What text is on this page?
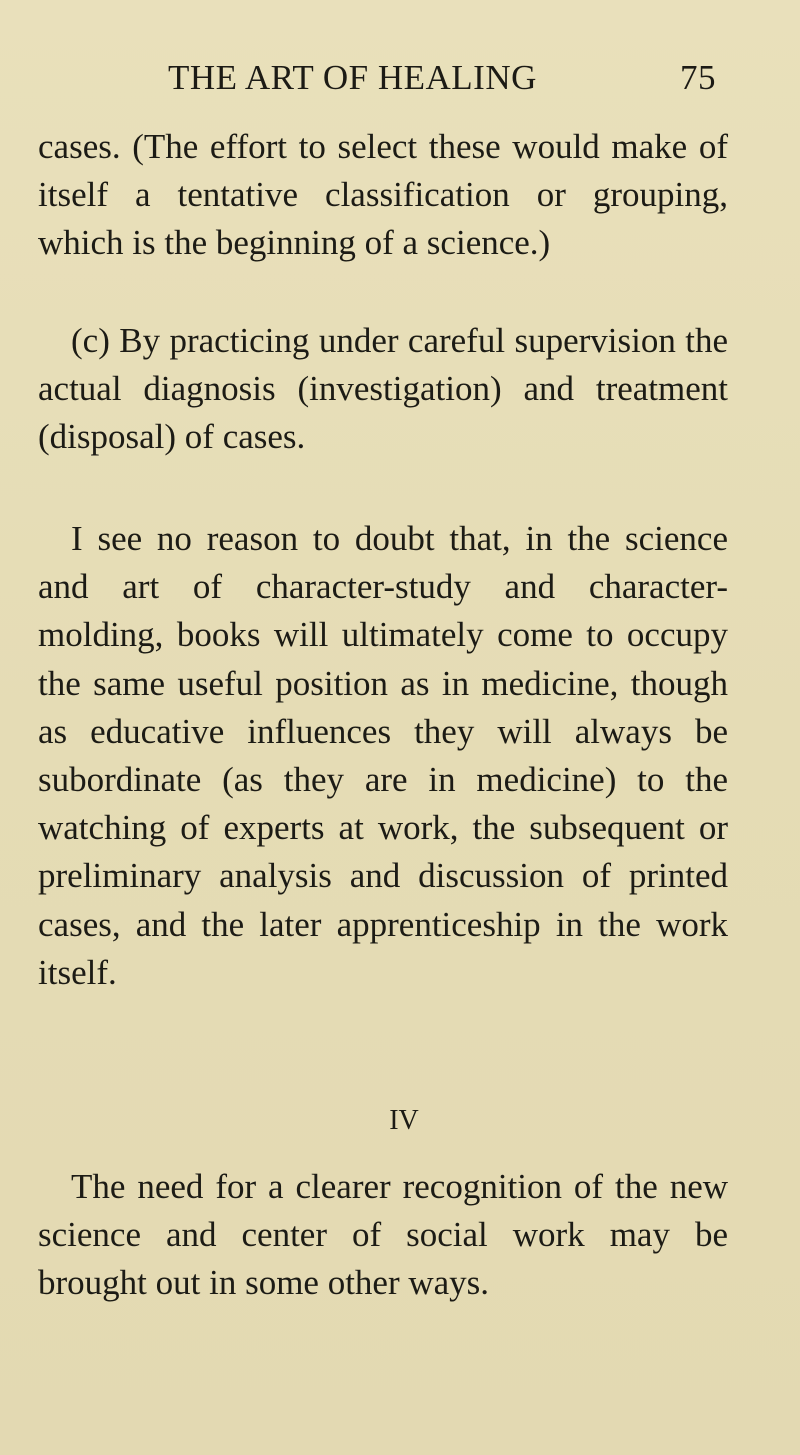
THE ART OF HEALING	75

cases. (The effort to select these would make of itself a tentative classification or grouping, which is the beginning of a science.)

(c) By practicing under careful supervision the actual diagnosis (investigation) and treatment (disposal) of cases.

I see no reason to doubt that, in the science and art of character-study and character-molding, books will ultimately come to occupy the same useful position as in medicine, though as educative influences they will always be subordinate (as they are in medicine) to the watching of experts at work, the subsequent or preliminary analysis and discussion of printed cases, and the later apprenticeship in the work itself.

IV

The need for a clearer recognition of the new science and center of social work may be brought out in some other ways.
